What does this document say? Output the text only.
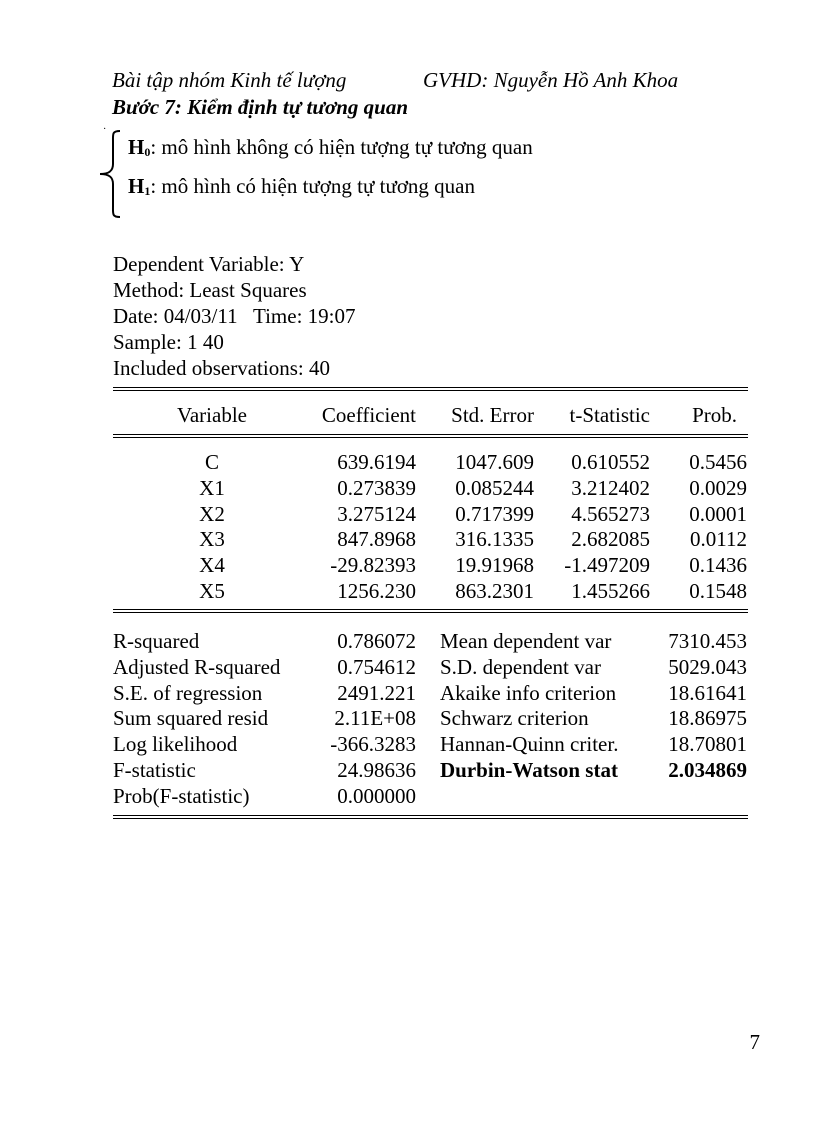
Bài tập nhóm Kinh tế lượng	GVHD: Nguyễn Hồ Anh Khoa
Bước 7: Kiểm định tự tương quan
·
$H_0$: mô hình không có hiện tượng tự tương quan
$H_1$: mô hình có hiện tượng tự tương quan
Dependent Variable: Y
Method: Least Squares
Date: 04/03/11   Time: 19:07
Sample: 1 40
Included observations: 40
Variable	Coefficient	Std. Error	t-Statistic	Prob.
C	639.6194	1047.609	0.610552	0.5456
X1	0.273839	0.085244	3.212402	0.0029
X2	3.275124	0.717399	4.565273	0.0001
X3	847.8968	316.1335	2.682085	0.0112
X4	-29.82393	19.91968	-1.497209	0.1436
X5	1256.230	863.2301	1.455266	0.1548
R-squared	0.786072 Mean dependent var	7310.453
Adjusted R-squared	0.754612 S.D. dependent var	5029.043
S.E. of regression	2491.221 Akaike info criterion	18.61641
Sum squared resid	2.11E+08 Schwarz criterion	18.86975
Log likelihood	-366.3283 Hannan-Quinn criter.	18.70801
F-statistic	24.98636 Durbin-Watson stat	2.034869
Prob(F-statistic)	0.000000
7
